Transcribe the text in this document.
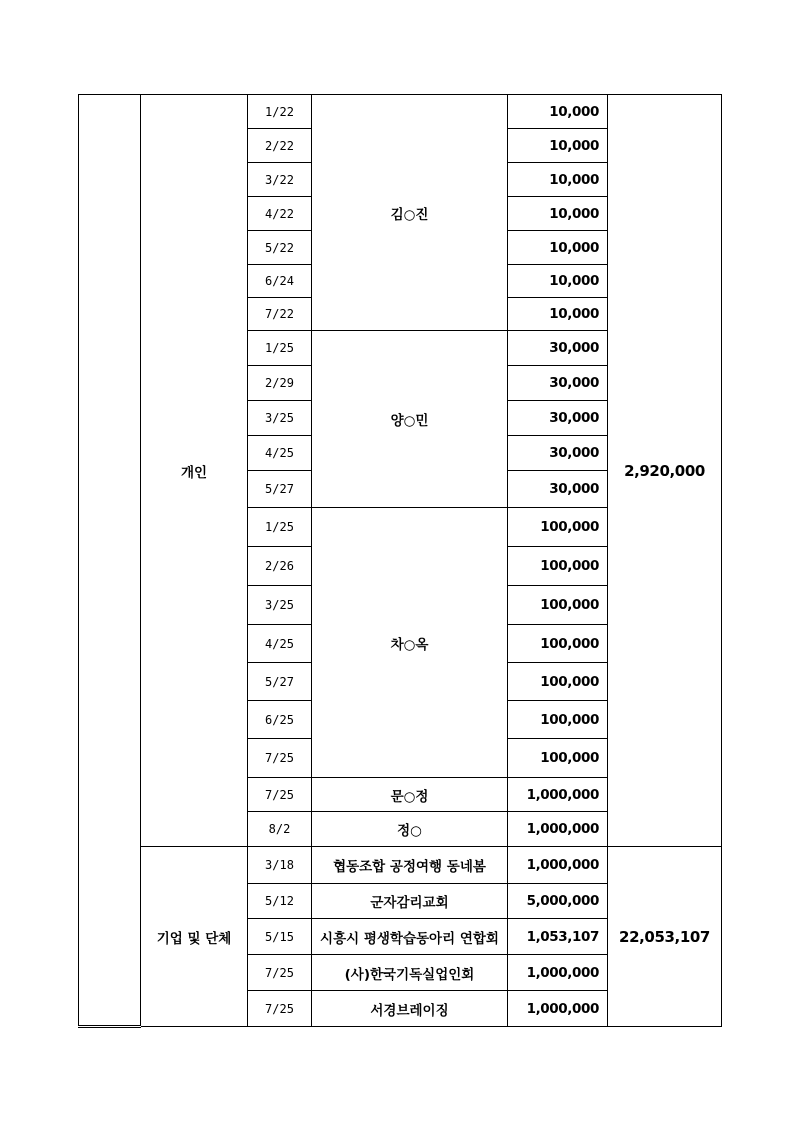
	개인	1/22	김○진	10,000	2,920,000
		2/22		10,000	
		3/22		10,000	
		4/22		10,000	
		5/22		10,000	
		6/24		10,000	
		7/22		10,000	
		1/25	양○민	30,000	
		2/29		30,000	
		3/25		30,000	
		4/25		30,000	
		5/27		30,000	
		1/25	차○옥	100,000	
		2/26		100,000	
		3/25		100,000	
		4/25		100,000	
		5/27		100,000	
		6/25		100,000	
		7/25		100,000	
		7/25	문○정	1,000,000	
		8/2	정○	1,000,000	
	기업 및 단체	3/18	협동조합 공정여행 동네봄	1,000,000	22,053,107
		5/12	군자감리교회	5,000,000	
		5/15	시흥시 평생학습동아리 연합회	1,053,107	
		7/25	(사)한국기독실업인회	1,000,000	
		7/25	서경브레이징	1,000,000	
